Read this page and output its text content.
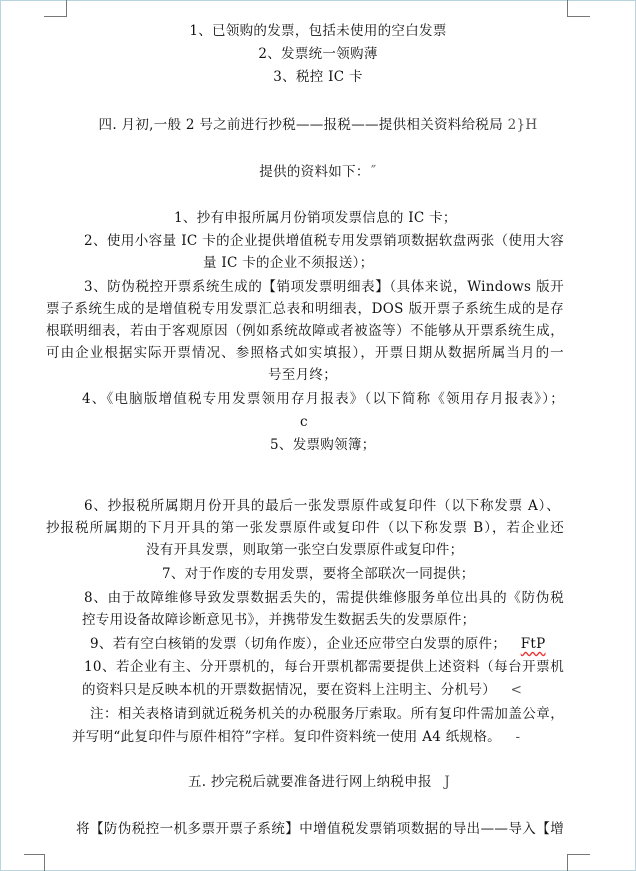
1、已领购的发票，包括未使用的空白发票
2、发票统一领购薄
3、税控 IC 卡
四. 月初,一般 2 号之前进行抄税——报税——提供相关资料给税局 2}H
提供的资料如下：˝
1、抄有申报所属月份销项发票信息的 IC 卡；
2、使用小容量 IC 卡的企业提供增值税专用发票销项数据软盘两张（使用大容
量 IC 卡的企业不须报送）；
3、防伪税控开票系统生成的【销项发票明细表】（具体来说，Windows 版开
票子系统生成的是增值税专用发票汇总表和明细表，DOS 版开票子系统生成的是存
根联明细表，若由于客观原因（例如系统故障或者被盗等）不能够从开票系统生成，
可由企业根据实际开票情况、参照格式如实填报），开票日期从数据所属当月的一
号至月终；
4、《电脑版增值税专用发票领用存月报表》（以下简称《领用存月报表》）；
c
5、发票购领簿；
6、抄报税所属期月份开具的最后一张发票原件或复印件（以下称发票 A）、
抄报税所属期的下月开具的第一张发票原件或复印件（以下称发票 B），若企业还
没有开具发票，则取第一张空白发票原件或复印件；
7、对于作废的专用发票，要将全部联次一同提供；
8、由于故障维修导致发票数据丢失的，需提供维修服务单位出具的《防伪税
控专用设备故障诊断意见书》，并携带发生数据丢失的发票原件；
9、若有空白核销的发票（切角作废），企业还应带空白发票的原件； FtP
10、若企业有主、分开票机的，每台开票机都需要提供上述资料（每台开票机
的资料只是反映本机的开票数据情况，要在资料上注明主、分机号） <
注：相关表格请到就近税务机关的办税服务厅索取。所有复印件需加盖公章，
并写明“此复印件与原件相符”字样。复印件资料统一使用 A4 纸规格。 -
五. 抄完税后就要准备进行网上纳税申报 J
将【防伪税控一机多票开票子系统】中增值税发票销项数据的导出——导入【增
